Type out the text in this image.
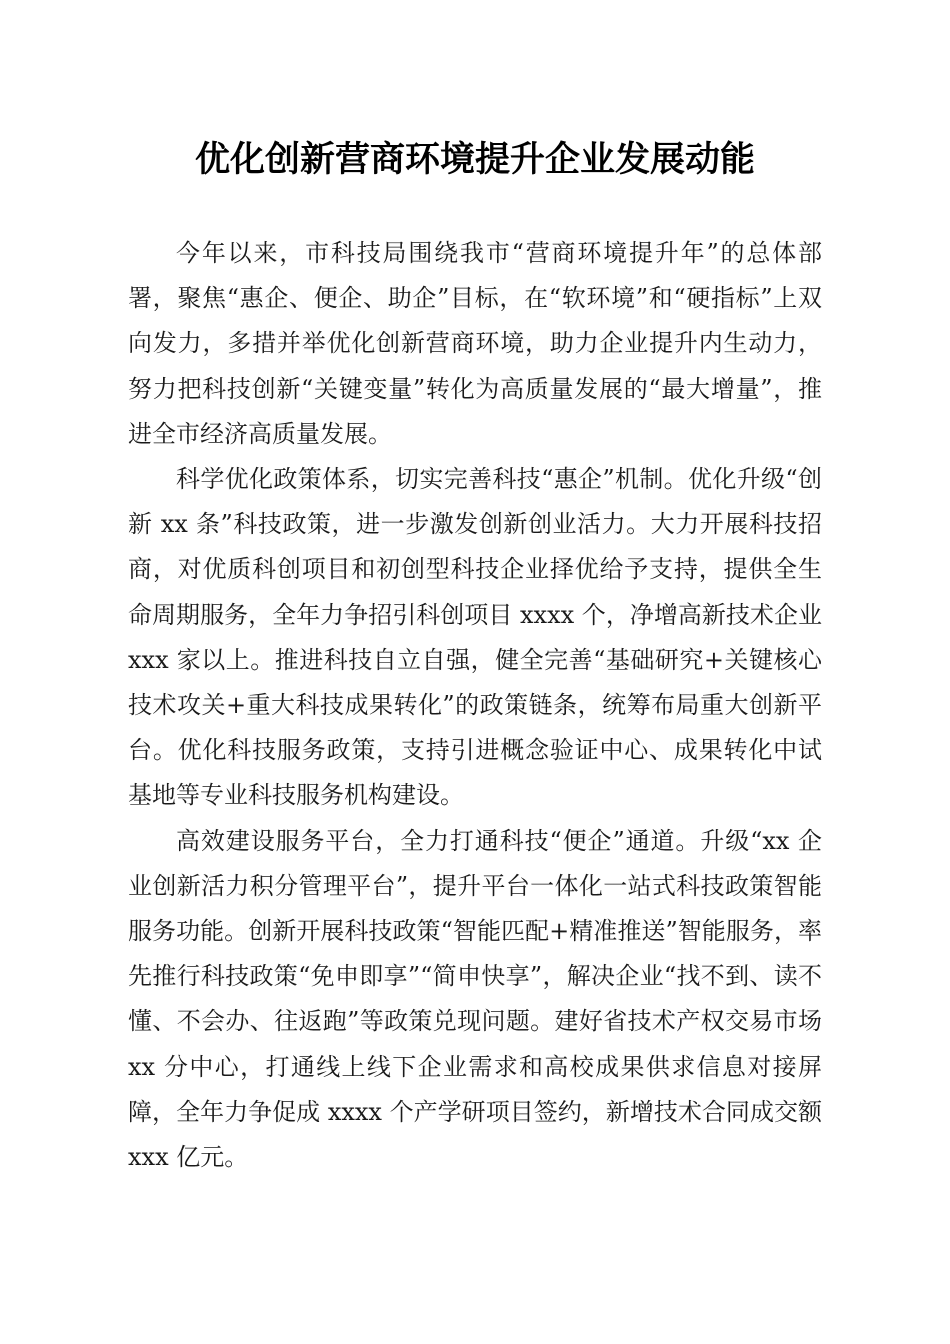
优化创新营商环境提升企业发展动能

今年以来，市科技局围绕我市“营商环境提升年”的总体部署，聚焦“惠企、便企、助企”目标，在“软环境”和“硬指标”上双向发力，多措并举优化创新营商环境，助力企业提升内生动力，努力把科技创新“关键变量”转化为高质量发展的“最大增量”，推进全市经济高质量发展。

科学优化政策体系，切实完善科技“惠企”机制。优化升级“创新 xx 条”科技政策，进一步激发创新创业活力。大力开展科技招商，对优质科创项目和初创型科技企业择优给予支持，提供全生命周期服务，全年力争招引科创项目 xxxx 个，净增高新技术企业 xxx 家以上。推进科技自立自强，健全完善“基础研究+关键核心技术攻关+重大科技成果转化”的政策链条，统筹布局重大创新平台。优化科技服务政策，支持引进概念验证中心、成果转化中试基地等专业科技服务机构建设。

高效建设服务平台，全力打通科技“便企”通道。升级“xx 企业创新活力积分管理平台”，提升平台一体化一站式科技政策智能服务功能。创新开展科技政策“智能匹配+精准推送”智能服务，率先推行科技政策“免申即享”“简申快享”，解决企业“找不到、读不懂、不会办、往返跑”等政策兑现问题。建好省技术产权交易市场 xx 分中心，打通线上线下企业需求和高校成果供求信息对接屏障，全年力争促成 xxxx 个产学研项目签约，新增技术合同成交额 xxx 亿元。
